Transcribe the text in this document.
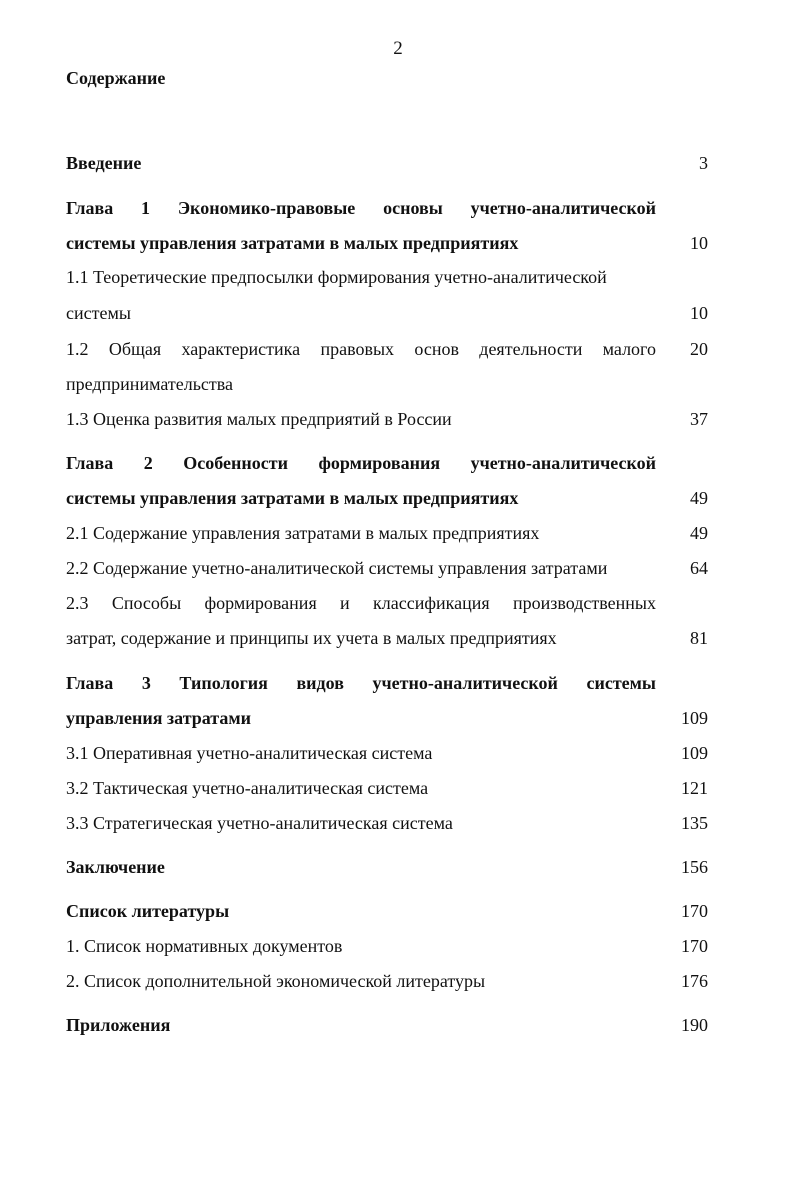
2
Содержание
Введение	3
Глава 1 Экономико-правовые основы учетно-аналитической
системы управления затратами в малых предприятиях	10
1.1 Теоретические предпосылки формирования учетно-аналитической
системы	10
1.2 Общая характеристика правовых основ деятельности малого	20
предпринимательства
1.3 Оценка развития малых предприятий в России	37
Глава 2 Особенности формирования учетно-аналитической
системы управления затратами в малых предприятиях	49
2.1 Содержание управления затратами в малых предприятиях	49
2.2 Содержание учетно-аналитической системы управления затратами	64
2.3 Способы формирования и классификация производственных
затрат, содержание и принципы их учета в малых предприятиях	81
Глава 3 Типология видов учетно-аналитической системы
управления затратами	109
3.1 Оперативная учетно-аналитическая система	109
3.2 Тактическая учетно-аналитическая система	121
3.3 Стратегическая учетно-аналитическая система	135
Заключение	156
Список литературы	170
1. Список нормативных документов	170
2. Список дополнительной экономической литературы	176
Приложения	190
